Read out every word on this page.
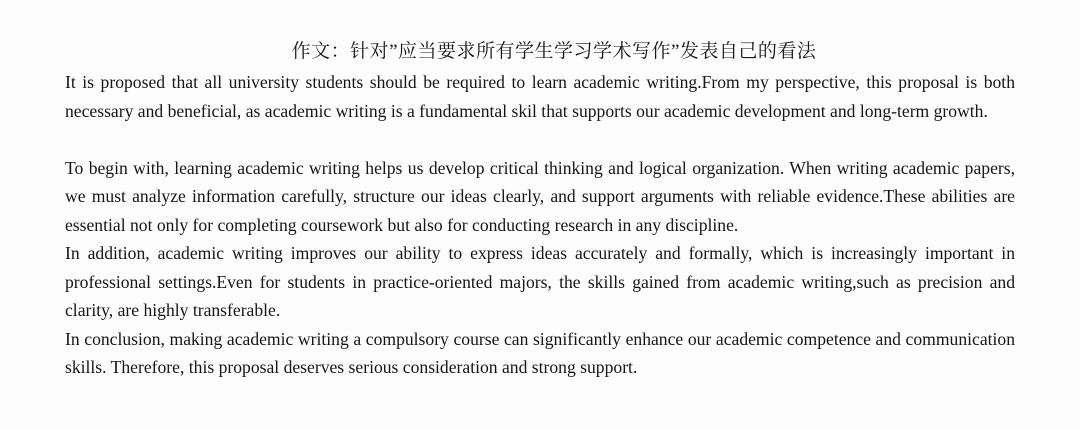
作文：针对”应当要求所有学生学习学术写作”发表自己的看法

It is proposed that all university students should be required to learn academic writing.From my perspective, this proposal is both necessary and beneficial, as academic writing is a fundamental skil that supports our academic development and long-term growth.

To begin with, learning academic writing helps us develop critical thinking and logical organization. When writing academic papers, we must analyze information carefully, structure our ideas clearly, and support arguments with reliable evidence.These abilities are essential not only for completing coursework but also for conducting research in any discipline.

In addition, academic writing improves our ability to express ideas accurately and formally, which is increasingly important in professional settings.Even for students in practice-oriented majors, the skills gained from academic writing,such as precision and clarity, are highly transferable.

In conclusion, making academic writing a compulsory course can significantly enhance our academic competence and communication skills. Therefore, this proposal deserves serious consideration and strong support.
